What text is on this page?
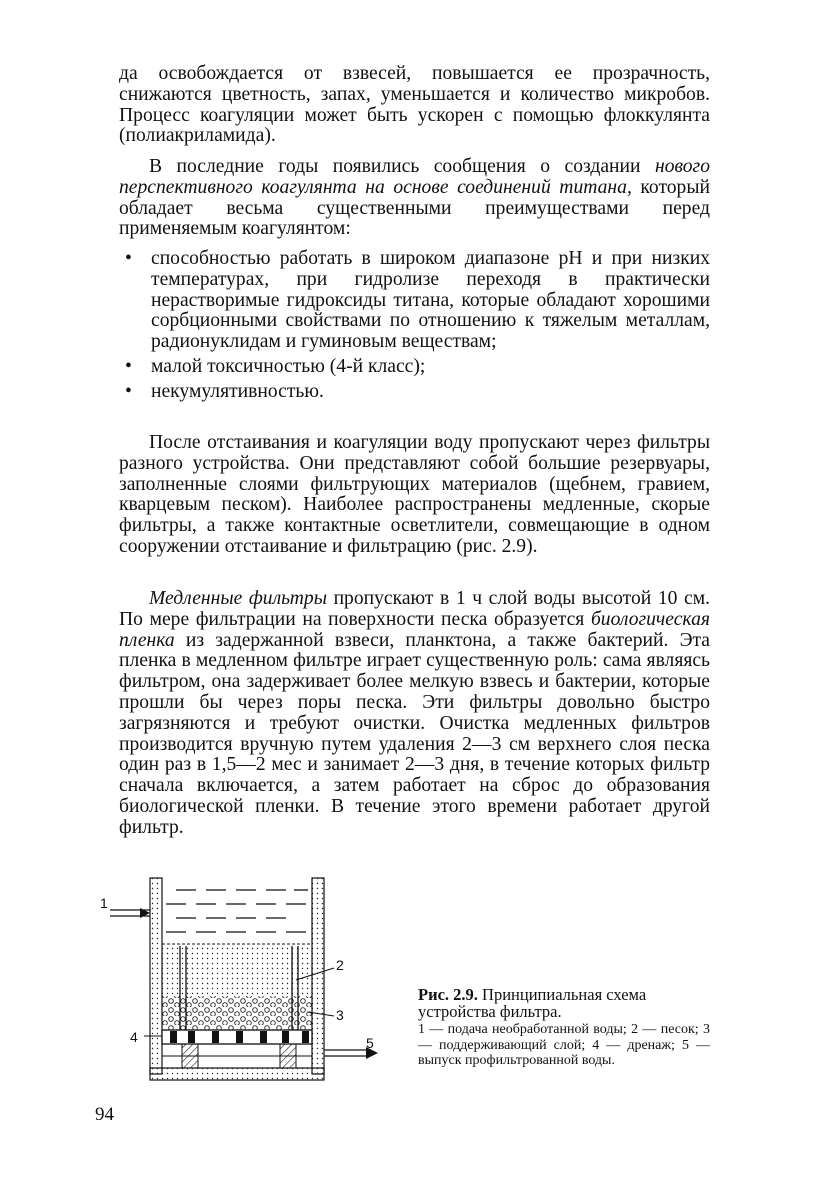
да освобождается от взвесей, повышается ее прозрачность, снижаются цветность, запах, уменьшается и количество микробов. Процесс коагуляции может быть ускорен с помощью флоккулянта (полиакриламида).

В последние годы появились сообщения о создании нового перспективного коагулянта на основе соединений титана, который обладает весьма существенными преимуществами перед применяемым коагулянтом:

• способностью работать в широком диапазоне рН и при низких температурах, при гидролизе переходя в практически нерастворимые гидроксиды титана, которые обладают хорошими сорбционными свойствами по отношению к тяжелым металлам, радионуклидам и гуминовым веществам;
• малой токсичностью (4-й класс);
• некумулятивностью.

После отстаивания и коагуляции воду пропускают через фильтры разного устройства. Они представляют собой большие резервуары, заполненные слоями фильтрующих материалов (щебнем, гравием, кварцевым песком). Наиболее распространены медленные, скорые фильтры, а также контактные осветлители, совмещающие в одном сооружении отстаивание и фильтрацию (рис. 2.9).

Медленные фильтры пропускают в 1 ч слой воды высотой 10 см. По мере фильтрации на поверхности песка образуется биологическая пленка из задержанной взвеси, планктона, а также бактерий. Эта пленка в медленном фильтре играет существенную роль: сама являясь фильтром, она задерживает более мелкую взвесь и бактерии, которые прошли бы через поры песка. Эти фильтры довольно быстро загрязняются и требуют очистки. Очистка медленных фильтров производится вручную путем удаления 2—3 см верхнего слоя песка один раз в 1,5—2 мес и занимает 2—3 дня, в течение которых фильтр сначала включается, а затем работает на сброс до образования биологической пленки. В течение этого времени работает другой фильтр.

1
2
3
4	5

Рис. 2.9. Принципиальная схема устройства фильтра.

1 — подача необработанной воды; 2 — песок; 3 — поддерживающий слой; 4 — дренаж; 5 — выпуск профильтрованной воды.

94
